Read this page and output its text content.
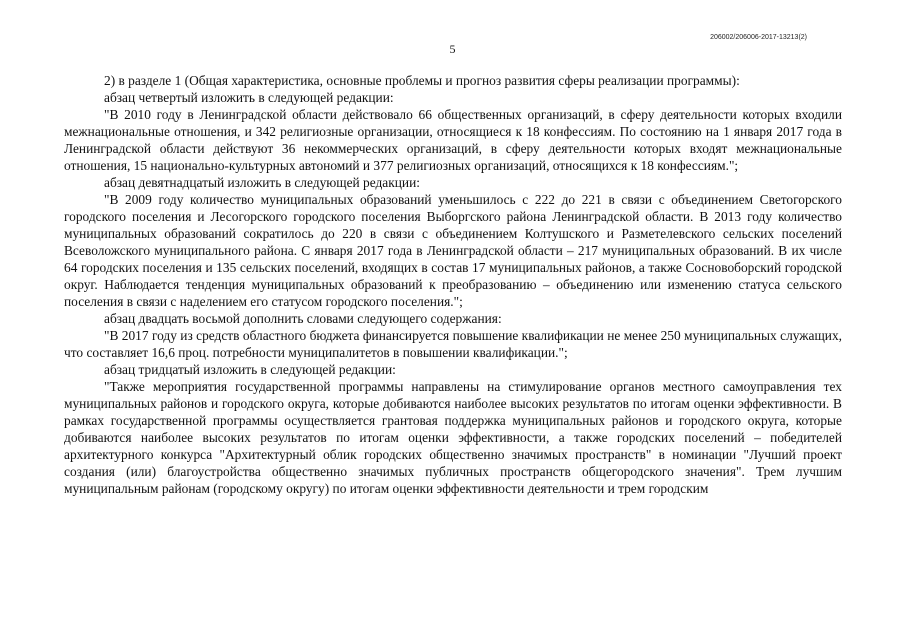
206002/206006-2017-13213(2)
5

2) в разделе 1 (Общая характеристика, основные проблемы и прогноз развития сферы реализации программы):

абзац четвертый изложить в следующей редакции:

"В 2010 году в Ленинградской области действовало 66 общественных организаций, в сферу деятельности которых входили межнациональные отношения, и 342 религиозные организации, относящиеся к 18 конфессиям. По состоянию на 1 января 2017 года в Ленинградской области действуют 36 некоммерческих организаций, в сферу деятельности которых входят межнациональные отношения, 15 национально-культурных автономий и 377 религиозных организаций, относящихся к 18 конфессиям.";

абзац девятнадцатый изложить в следующей редакции:

"В 2009 году количество муниципальных образований уменьшилось с 222 до 221 в связи с объединением Светогорского городского поселения и Лесогорского городского поселения Выборгского района Ленинградской области. В 2013 году количество муниципальных образований сократилось до 220 в связи с объединением Колтушского и Разметелевского сельских поселений Всеволожского муниципального района. С января 2017 года в Ленинградской области – 217 муниципальных образований. В их числе 64 городских поселения и 135 сельских поселений, входящих в состав 17 муниципальных районов, а также Сосновоборский городской округ. Наблюдается тенденция муниципальных образований к преобразованию – объединению или изменению статуса сельского поселения в связи с наделением его статусом городского поселения.";

абзац двадцать восьмой дополнить словами следующего содержания:

"В 2017 году из средств областного бюджета финансируется повышение квалификации не менее 250 муниципальных служащих, что составляет 16,6 проц. потребности муниципалитетов в повышении квалификации.";

абзац тридцатый изложить в следующей редакции:

"Также мероприятия государственной программы направлены на стимулирование органов местного самоуправления тех муниципальных районов и городского округа, которые добиваются наиболее высоких результатов по итогам оценки эффективности. В рамках государственной программы осуществляется грантовая поддержка муниципальных районов и городского округа, которые добиваются наиболее высоких результатов по итогам оценки эффективности, а также городских поселений – победителей архитектурного конкурса "Архитектурный облик городских общественно значимых пространств" в номинации "Лучший проект создания (или) благоустройства общественно значимых публичных пространств общегородского значения". Трем лучшим муниципальным районам (городскому округу) по итогам оценки эффективности деятельности и трем городским
